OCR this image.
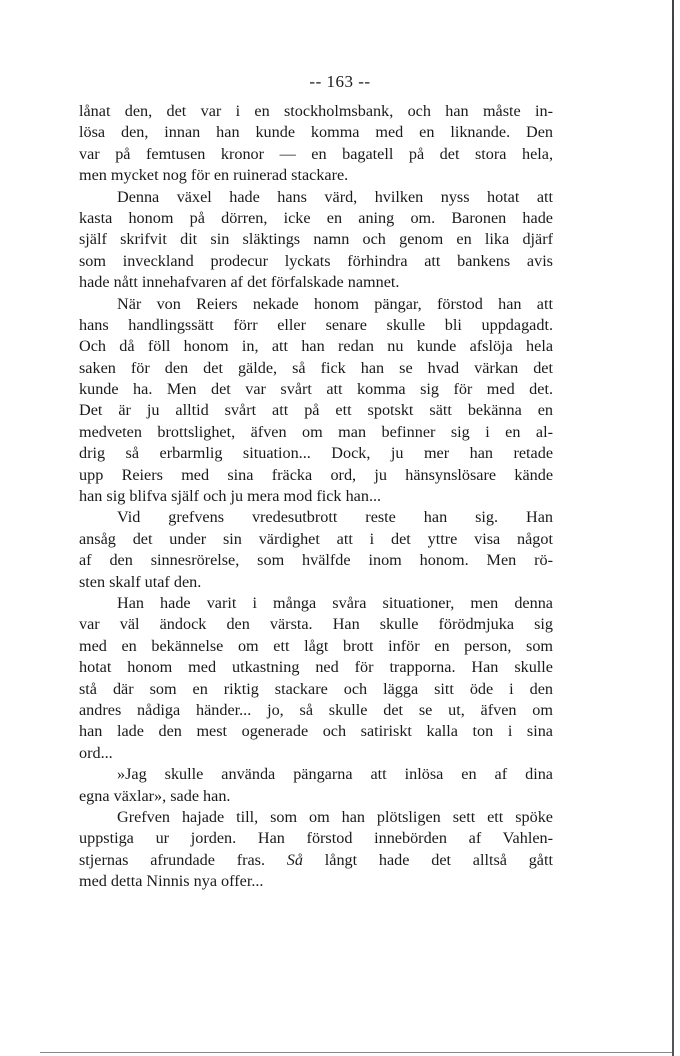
-- 163 --
lånat den, det var i en stockholmsbank, och han måste in-
lösa den, innan han kunde komma med en liknande. Den
var på femtusen kronor — en bagatell på det stora hela,
men mycket nog för en ruinerad stackare.
Denna växel hade hans värd, hvilken nyss hotat att
kasta honom på dörren, icke en aning om. Baronen hade
själf skrifvit dit sin släktings namn och genom en lika djärf
som inveckland prodecur lyckats förhindra att bankens avis
hade nått innehafvaren af det förfalskade namnet.
När von Reiers nekade honom pängar, förstod han att
hans handlingssätt förr eller senare skulle bli uppdagadt.
Och då föll honom in, att han redan nu kunde afslöja hela
saken för den det gälde, så fick han se hvad värkan det
kunde ha. Men det var svårt att komma sig för med det.
Det är ju alltid svårt att på ett spotskt sätt bekänna en
medveten brottslighet, äfven om man befinner sig i en al-
drig så erbarmlig situation... Dock, ju mer han retade
upp Reiers med sina fräcka ord, ju hänsynslösare kände
han sig blifva själf och ju mera mod fick han...
Vid grefvens vredesutbrott reste han sig. Han
ansåg det under sin värdighet att i det yttre visa något
af den sinnesrörelse, som hvälfde inom honom. Men rö-
sten skalf utaf den.
Han hade varit i många svåra situationer, men denna
var väl ändock den värsta. Han skulle förödmjuka sig
med en bekännelse om ett lågt brott inför en person, som
hotat honom med utkastning ned för trapporna. Han skulle
stå där som en riktig stackare och lägga sitt öde i den
andres nådiga händer... jo, så skulle det se ut, äfven om
han lade den mest ogenerade och satiriskt kalla ton i sina
ord...
»Jag skulle använda pängarna att inlösa en af dina
egna växlar», sade han.
Grefven hajade till, som om han plötsligen sett ett spöke
uppstiga ur jorden. Han förstod innebörden af Vahlen-
stjernas afrundade fras. Så långt hade det alltså gått
med detta Ninnis nya offer...
